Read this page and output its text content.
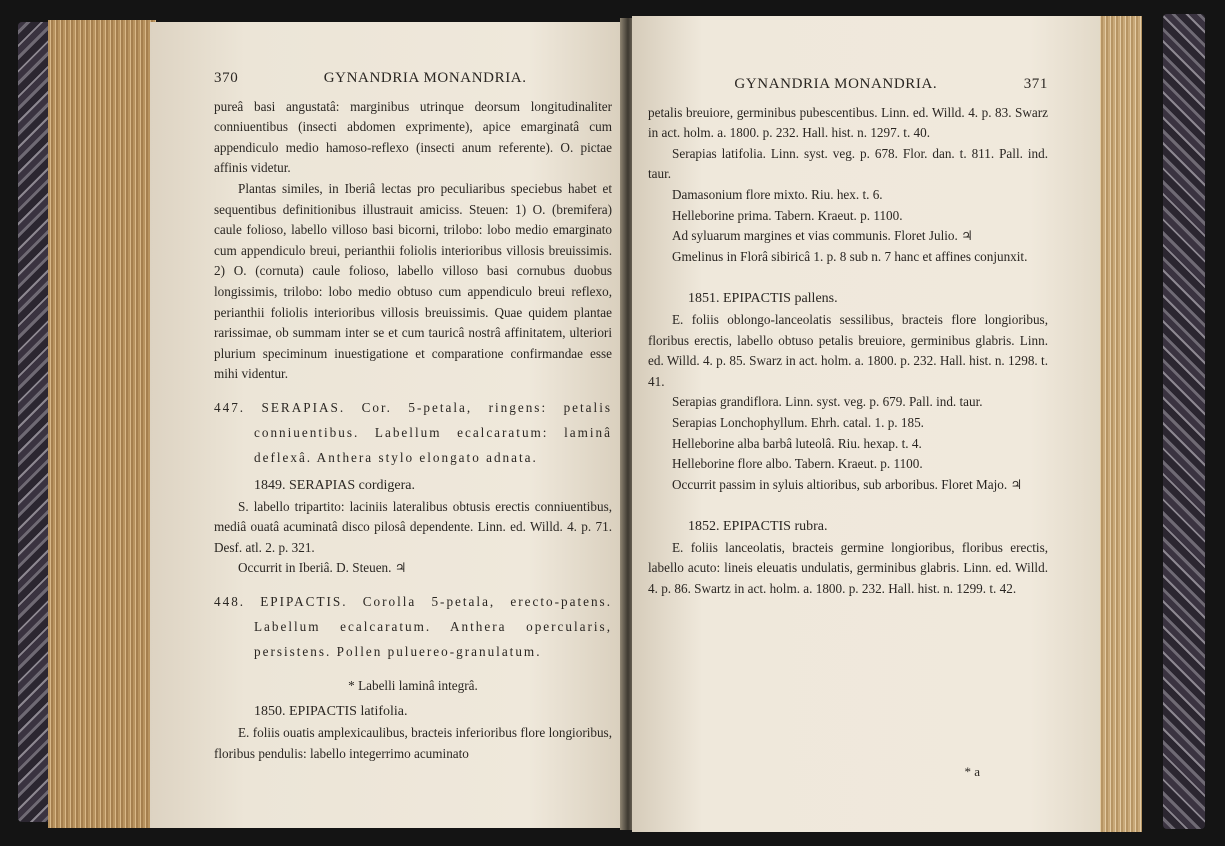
370	GYNANDRIA MONANDRIA.

pureâ basi angustatâ: marginibus utrinque deorsum longitudinaliter conniuentibus (insecti abdomen exprimente), apice emarginatâ cum appendiculo medio hamoso-reflexo (insecti anum referente). O. pictae affinis videtur.

Plantas similes, in Iberiâ lectas pro peculiaribus speciebus habet et sequentibus definitionibus illustrauit amiciss. Steuen: 1) O. (bremifera) caule folioso, labello villoso basi bicorni, trilobo: lobo medio emarginato cum appendiculo breui, perianthii foliolis interioribus villosis breuissimis. 2) O. (cornuta) caule folioso, labello villoso basi cornubus duobus longissimis, trilobo: lobo medio obtuso cum appendiculo breui reflexo, perianthii foliolis interioribus villosis breuissimis. Quae quidem plantae rarissimae, ob summam inter se et cum tauricâ nostrâ affinitatem, ulteriori plurium speciminum inuestigatione et comparatione confirmandae esse mihi videntur.

447. SERAPIAS. Cor. 5-petala, ringens: petalis conniuentibus. Labellum ecalcaratum: laminâ deflexâ. Anthera stylo elongato adnata.

1849. SERAPIAS cordigera.

S. labello tripartito: laciniis lateralibus obtusis erectis conniuentibus, mediâ ouatâ acuminatâ disco pilosâ dependente. Linn. ed. Willd. 4. p. 71. Desf. atl. 2. p. 321.

Occurrit in Iberiâ. D. Steuen. ♃

448. EPIPACTIS. Corolla 5-petala, erecto-patens. Labellum ecalcaratum. Anthera opercularis, persistens. Pollen puluereo-granulatum.

* Labelli laminâ integrâ.

1850. EPIPACTIS latifolia.

E. foliis ouatis amplexicaulibus, bracteis inferioribus flore longioribus, floribus pendulis: labello integerrimo acuminato

GYNANDRIA MONANDRIA.	371

petalis breuiore, germinibus pubescentibus. Linn. ed. Willd. 4. p. 83. Swarz in act. holm. a. 1800. p. 232. Hall. hist. n. 1297. t. 40.

Serapias latifolia. Linn. syst. veg. p. 678. Flor. dan. t. 811. Pall. ind. taur.

Damasonium flore mixto. Riu. hex. t. 6.

Helleborine prima. Tabern. Kraeut. p. 1100.

Ad syluarum margines et vias communis. Floret Julio. ♃

Gmelinus in Florâ sibiricâ 1. p. 8 sub n. 7 hanc et affines conjunxit.

1851. EPIPACTIS pallens.

E. foliis oblongo-lanceolatis sessilibus, bracteis flore longioribus, floribus erectis, labello obtuso petalis breuiore, germinibus glabris. Linn. ed. Willd. 4. p. 85. Swarz in act. holm. a. 1800. p. 232. Hall. hist. n. 1298. t. 41.

Serapias grandiflora. Linn. syst. veg. p. 679. Pall. ind. taur.

Serapias Lonchophyllum. Ehrh. catal. 1. p. 185.

Helleborine alba barbâ luteolâ. Riu. hexap. t. 4.

Helleborine flore albo. Tabern. Kraeut. p. 1100.

Occurrit passim in syluis altioribus, sub arboribus. Floret Majo. ♃

1852. EPIPACTIS rubra.

E. foliis lanceolatis, bracteis germine longioribus, floribus erectis, labello acuto: lineis eleuatis undulatis, germinibus glabris. Linn. ed. Willd. 4. p. 86. Swartz in act. holm. a. 1800. p. 232. Hall. hist. n. 1299. t. 42.

* a
